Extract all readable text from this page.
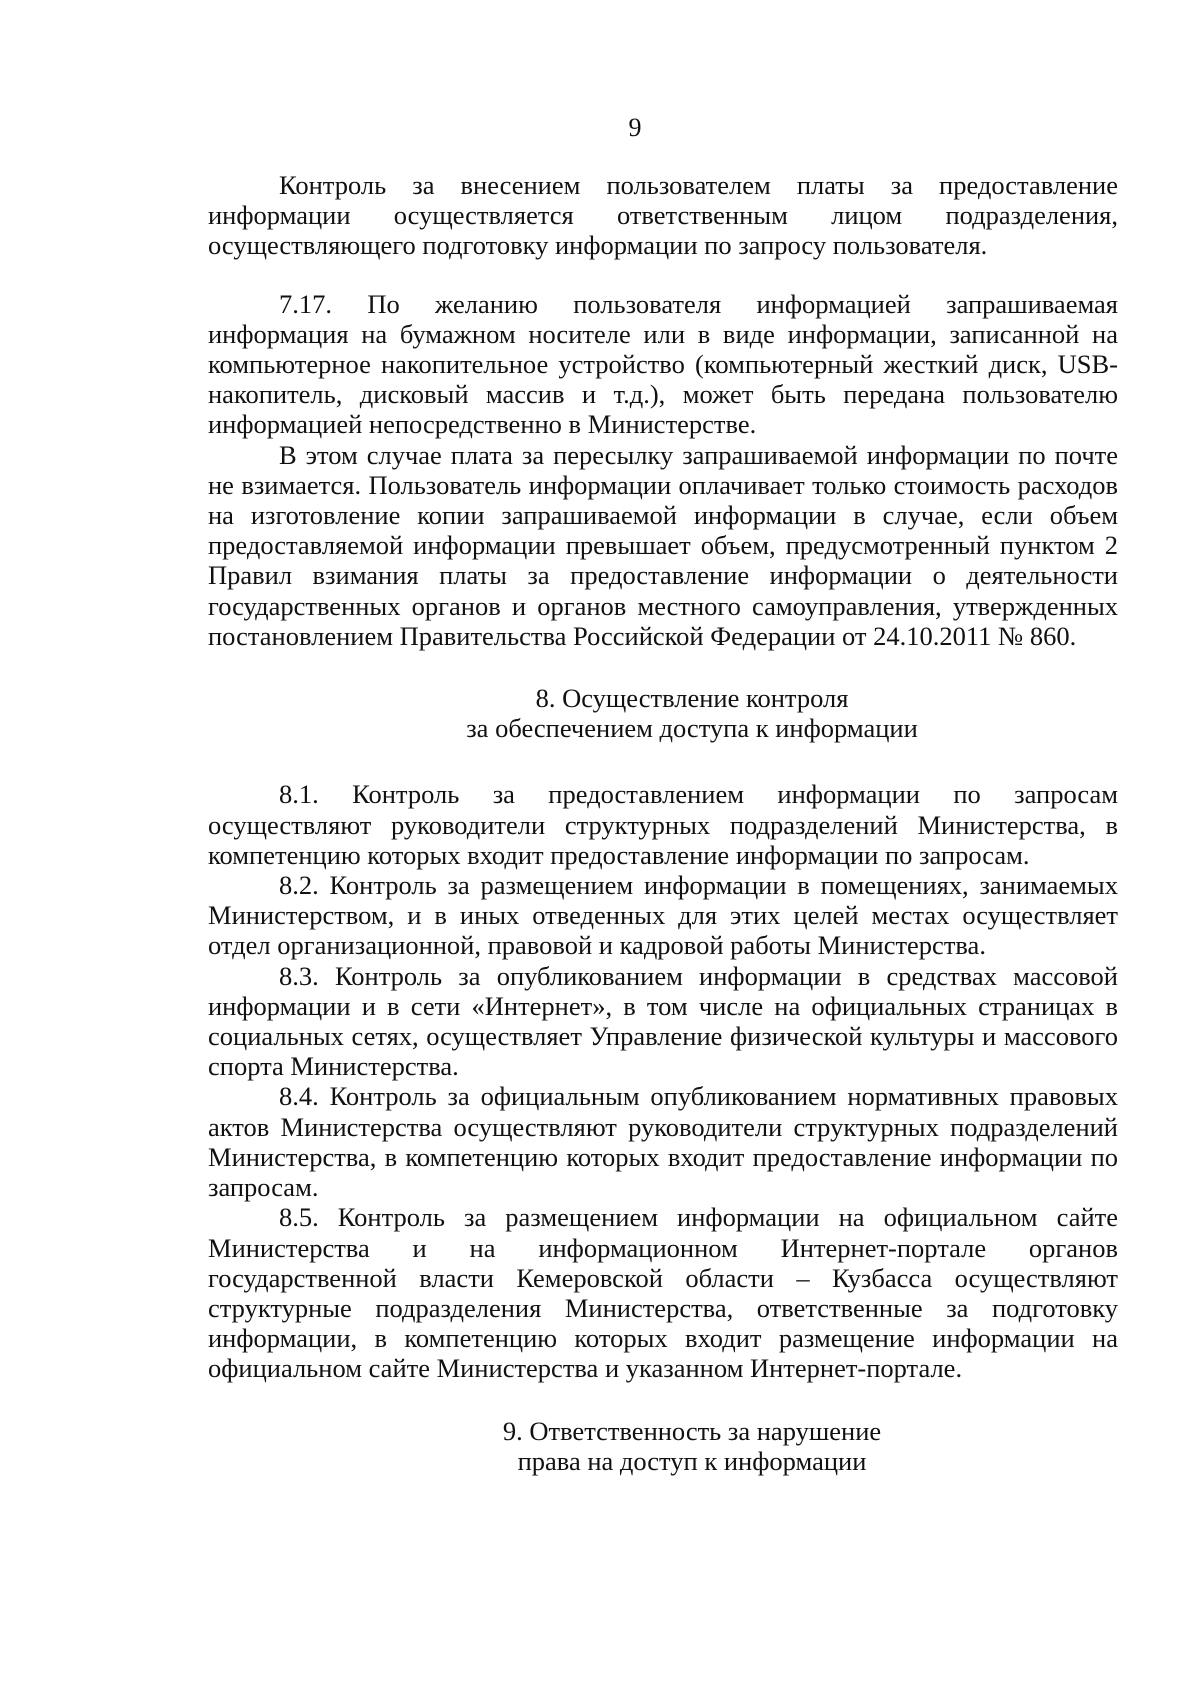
9

Контроль за внесением пользователем платы за предоставление информации осуществляется ответственным лицом подразделения, осуществляющего подготовку информации по запросу пользователя.

7.17. По желанию пользователя информацией запрашиваемая информация на бумажном носителе или в виде информации, записанной на компьютерное накопительное устройство (компьютерный жесткий диск, USB-накопитель, дисковый массив и т.д.), может быть передана пользователю информацией непосредственно в Министерстве.

В этом случае плата за пересылку запрашиваемой информации по почте не взимается. Пользователь информации оплачивает только стоимость расходов на изготовление копии запрашиваемой информации в случае, если объем предоставляемой информации превышает объем, предусмотренный пунктом 2 Правил взимания платы за предоставление информации о деятельности государственных органов и органов местного самоуправления, утвержденных постановлением Правительства Российской Федерации от 24.10.2011 № 860.

8. Осуществление контроля

за обеспечением доступа к информации

8.1. Контроль за предоставлением информации по запросам осуществляют руководители структурных подразделений Министерства, в компетенцию которых входит предоставление информации по запросам.

8.2. Контроль за размещением информации в помещениях, занимаемых Министерством, и в иных отведенных для этих целей местах осуществляет отдел организационной, правовой и кадровой работы Министерства.

8.3. Контроль за опубликованием информации в средствах массовой информации и в сети «Интернет», в том числе на официальных страницах в социальных сетях, осуществляет Управление физической культуры и массового спорта Министерства.

8.4. Контроль за официальным опубликованием нормативных правовых актов Министерства осуществляют руководители структурных подразделений Министерства, в компетенцию которых входит предоставление информации по запросам.

8.5. Контроль за размещением информации на официальном сайте Министерства и на информационном Интернет-портале органов государственной власти Кемеровской области – Кузбасса осуществляют структурные подразделения Министерства, ответственные за подготовку информации, в компетенцию которых входит размещение информации на официальном сайте Министерства и указанном Интернет-портале.

9. Ответственность за нарушение

права на доступ к информации
